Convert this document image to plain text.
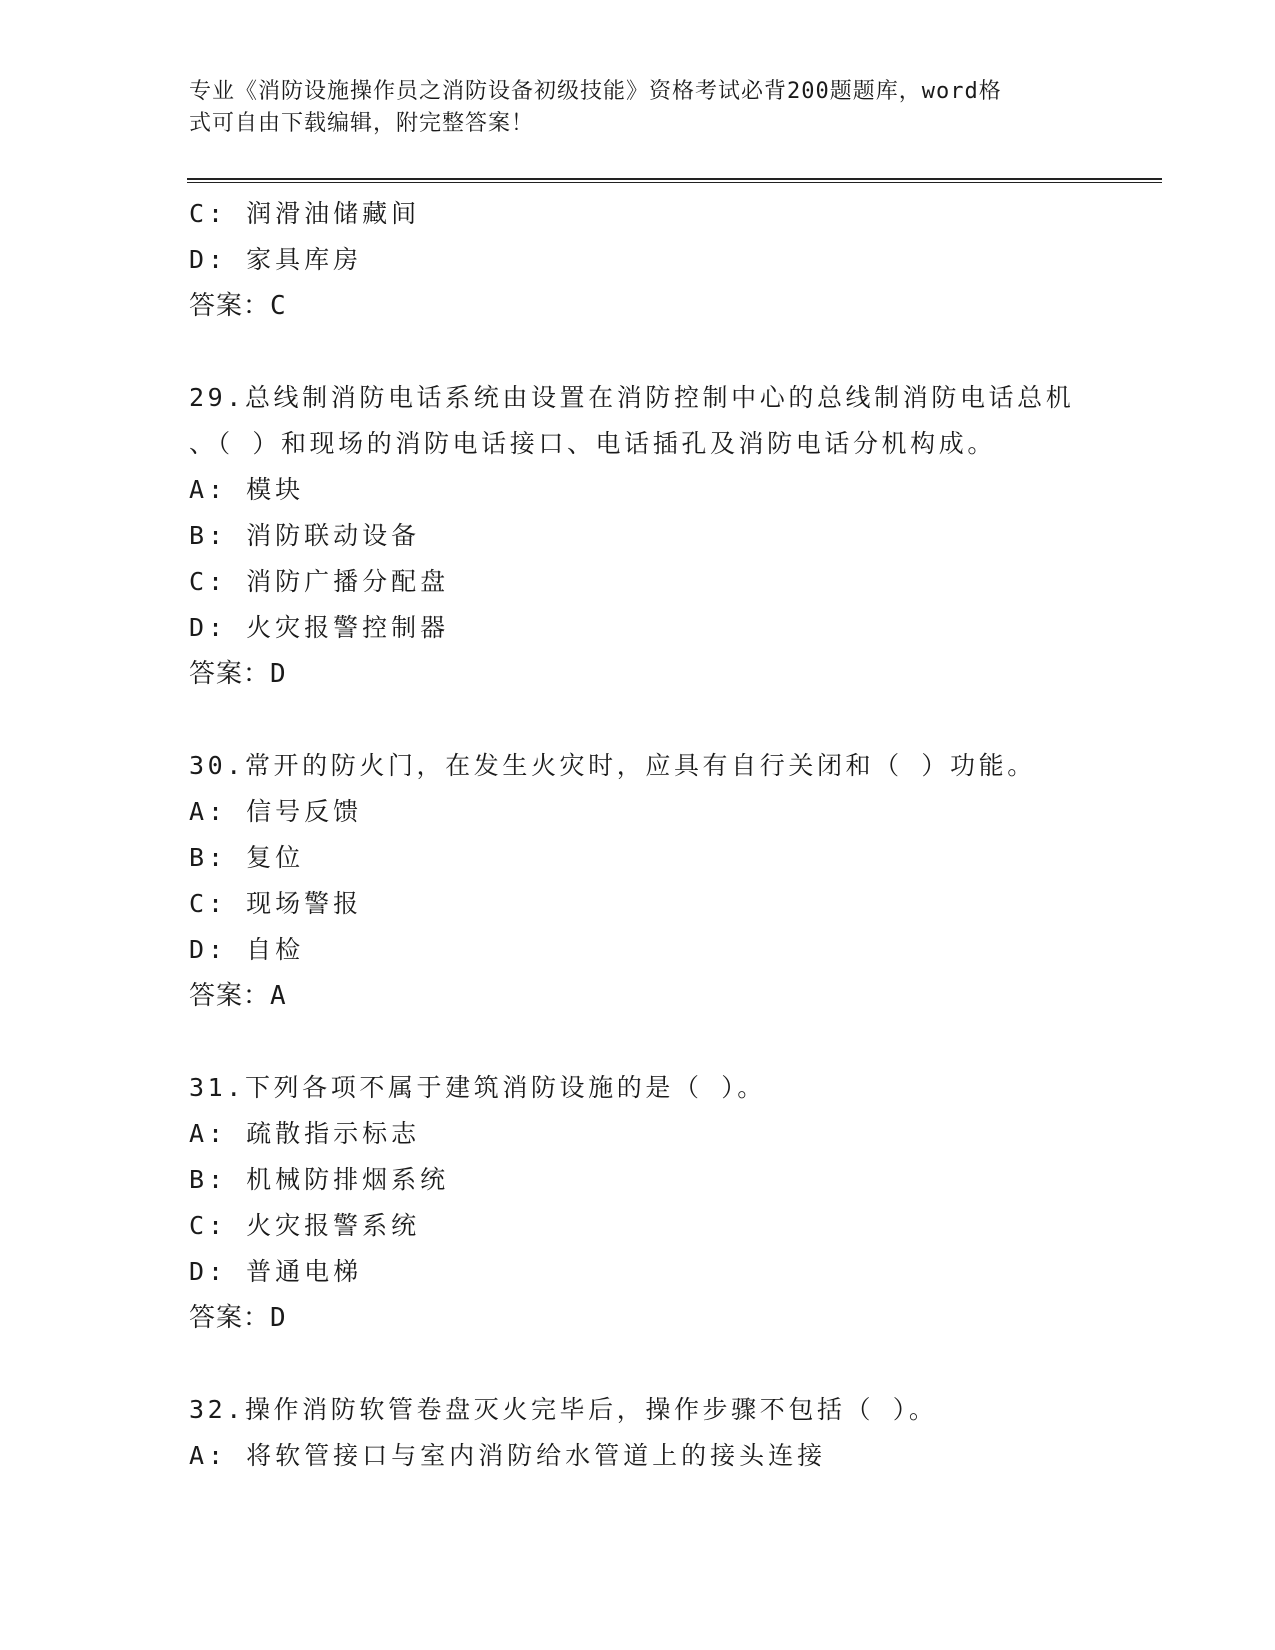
专业《消防设施操作员之消防设备初级技能》资格考试必背200题题库，word格
式可自由下载编辑，附完整答案！
C: 润滑油储藏间
D: 家具库房
答案：C
29.总线制消防电话系统由设置在消防控制中心的总线制消防电话总机
、（ ）和现场的消防电话接口、电话插孔及消防电话分机构成。
A: 模块
B: 消防联动设备
C: 消防广播分配盘
D: 火灾报警控制器
答案：D
30.常开的防火门，在发生火灾时，应具有自行关闭和（ ）功能。
A: 信号反馈
B: 复位
C: 现场警报
D: 自检
答案：A
31.下列各项不属于建筑消防设施的是（ ）。
A: 疏散指示标志
B: 机械防排烟系统
C: 火灾报警系统
D: 普通电梯
答案：D
32.操作消防软管卷盘灭火完毕后，操作步骤不包括（ ）。
A: 将软管接口与室内消防给水管道上的接头连接
